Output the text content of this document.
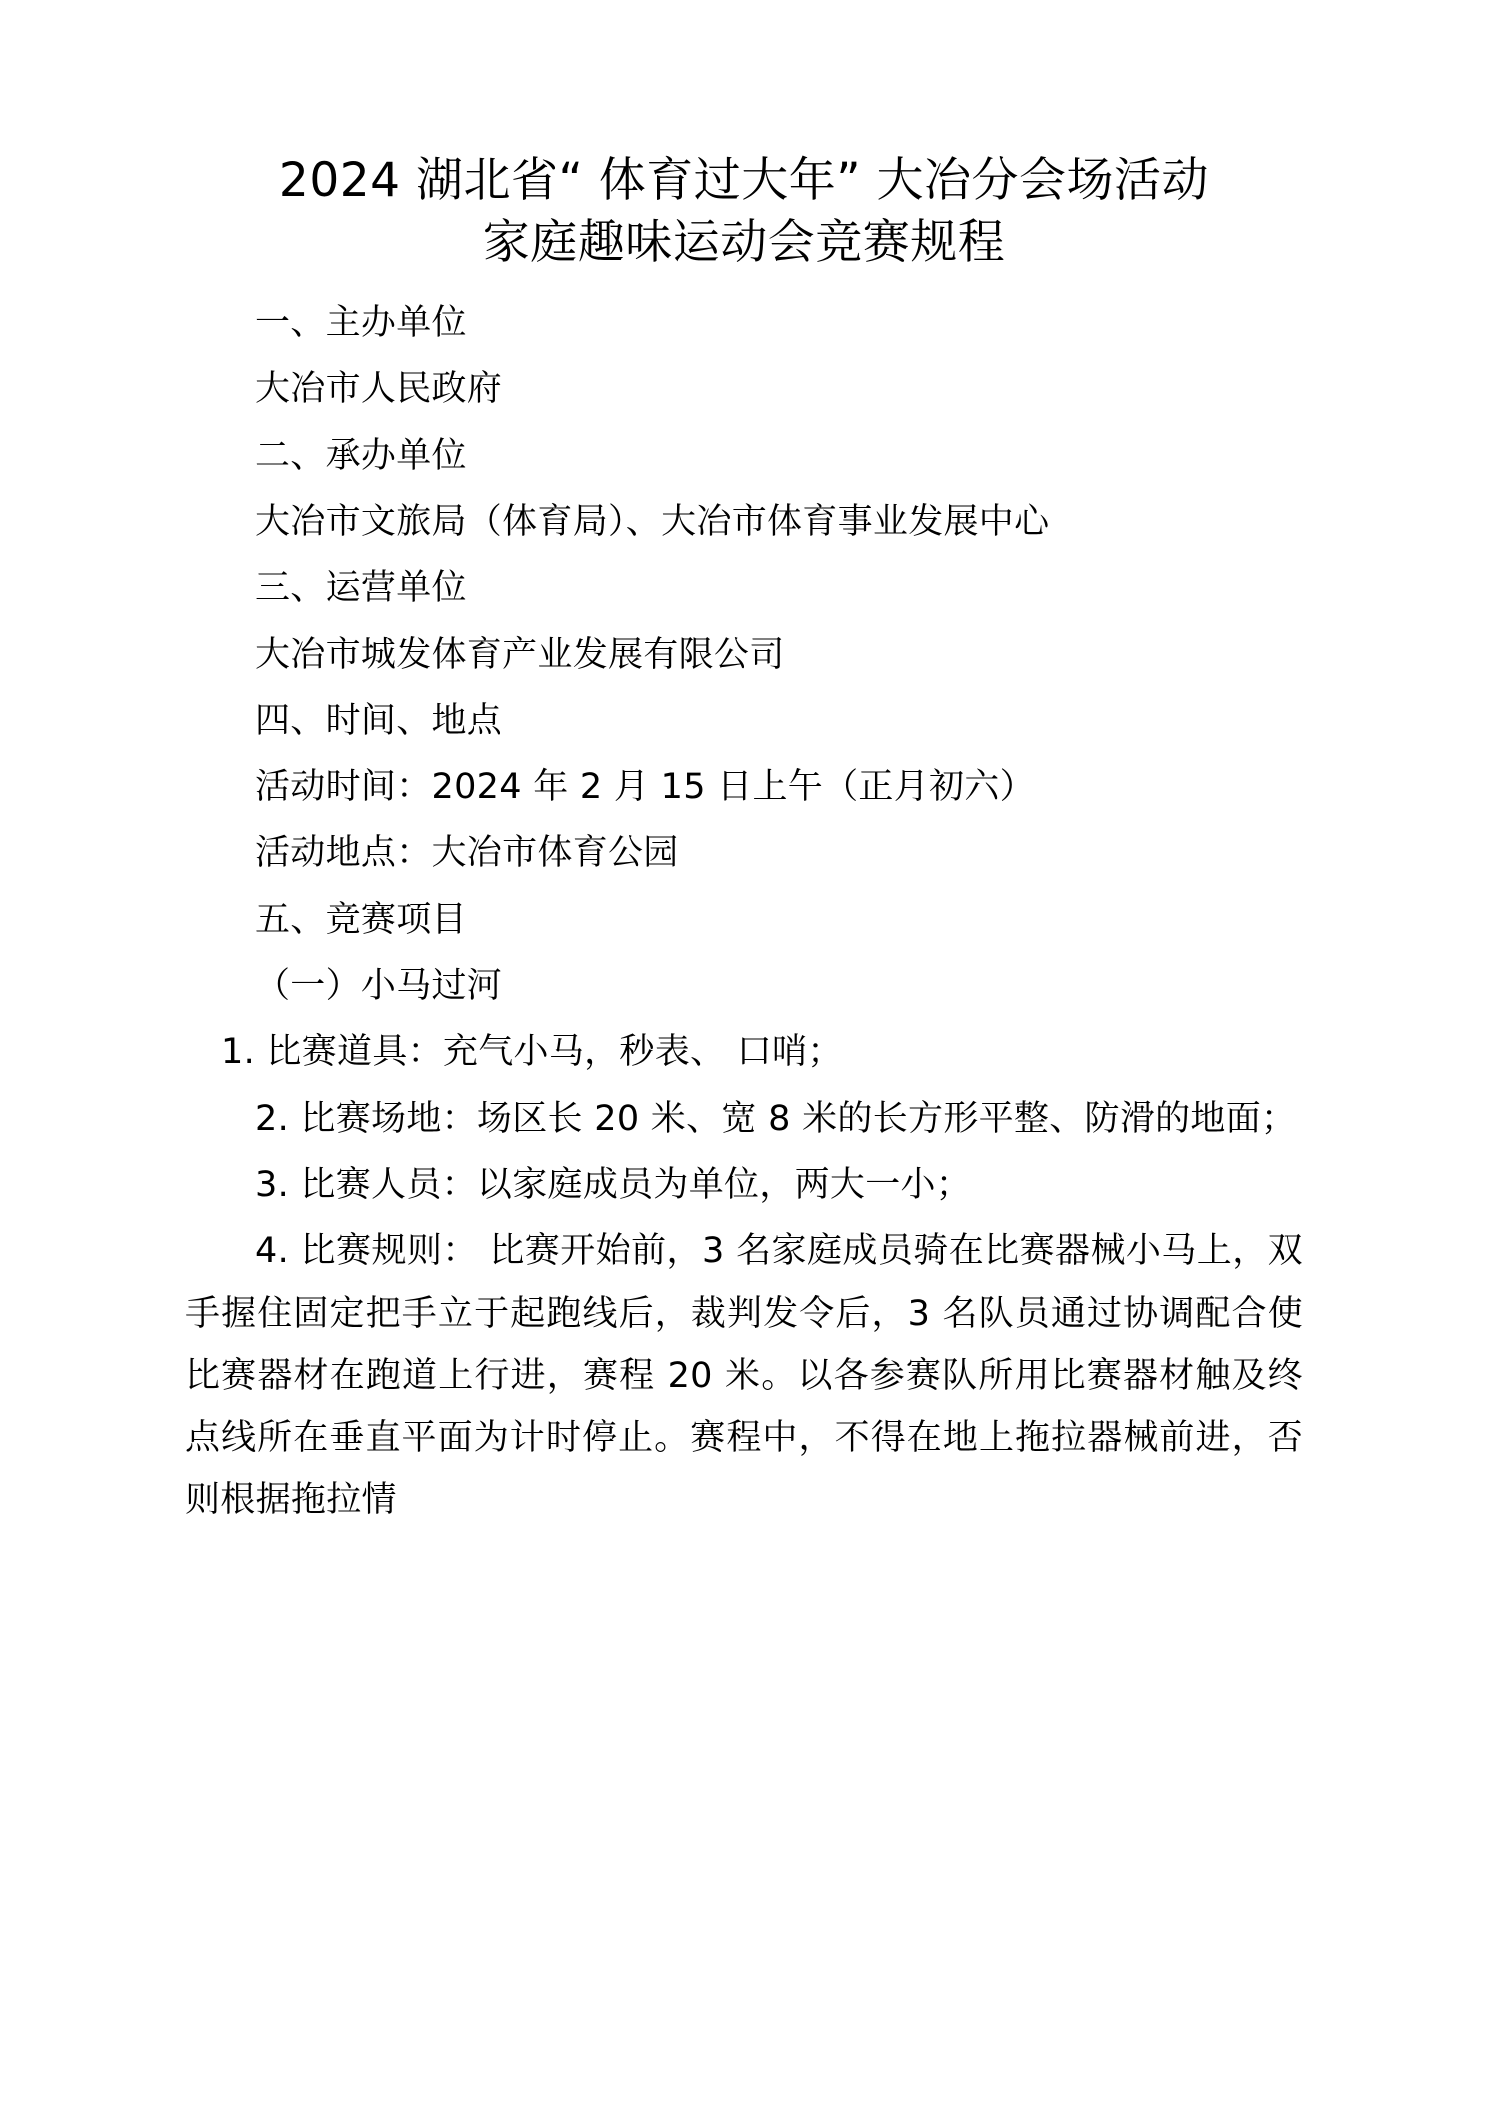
2024 湖北省“ 体育过大年” 大冶分会场活动
家庭趣味运动会竞赛规程

一、主办单位

大冶市人民政府

二、承办单位

大冶市文旅局（体育局）、大冶市体育事业发展中心

三、运营单位

大冶市城发体育产业发展有限公司

四、时间、地点

活动时间：2024 年 2 月 15 日上午（正月初六）

活动地点：大冶市体育公园

五、竞赛项目

（一）小马过河

1. 比赛道具：充气小马，秒表、 口哨；

2. 比赛场地：场区长 20 米、宽 8 米的长方形平整、防滑的地面；

3. 比赛人员：以家庭成员为单位，两大一小；

4. 比赛规则： 比赛开始前，3 名家庭成员骑在比赛器械小马上，双手握住固定把手立于起跑线后，裁判发令后，3 名队员通过协调配合使比赛器材在跑道上行进，赛程 20 米。以各参赛队所用比赛器材触及终点线所在垂直平面为计时停止。赛程中，不得在地上拖拉器械前进，否则根据拖拉情
